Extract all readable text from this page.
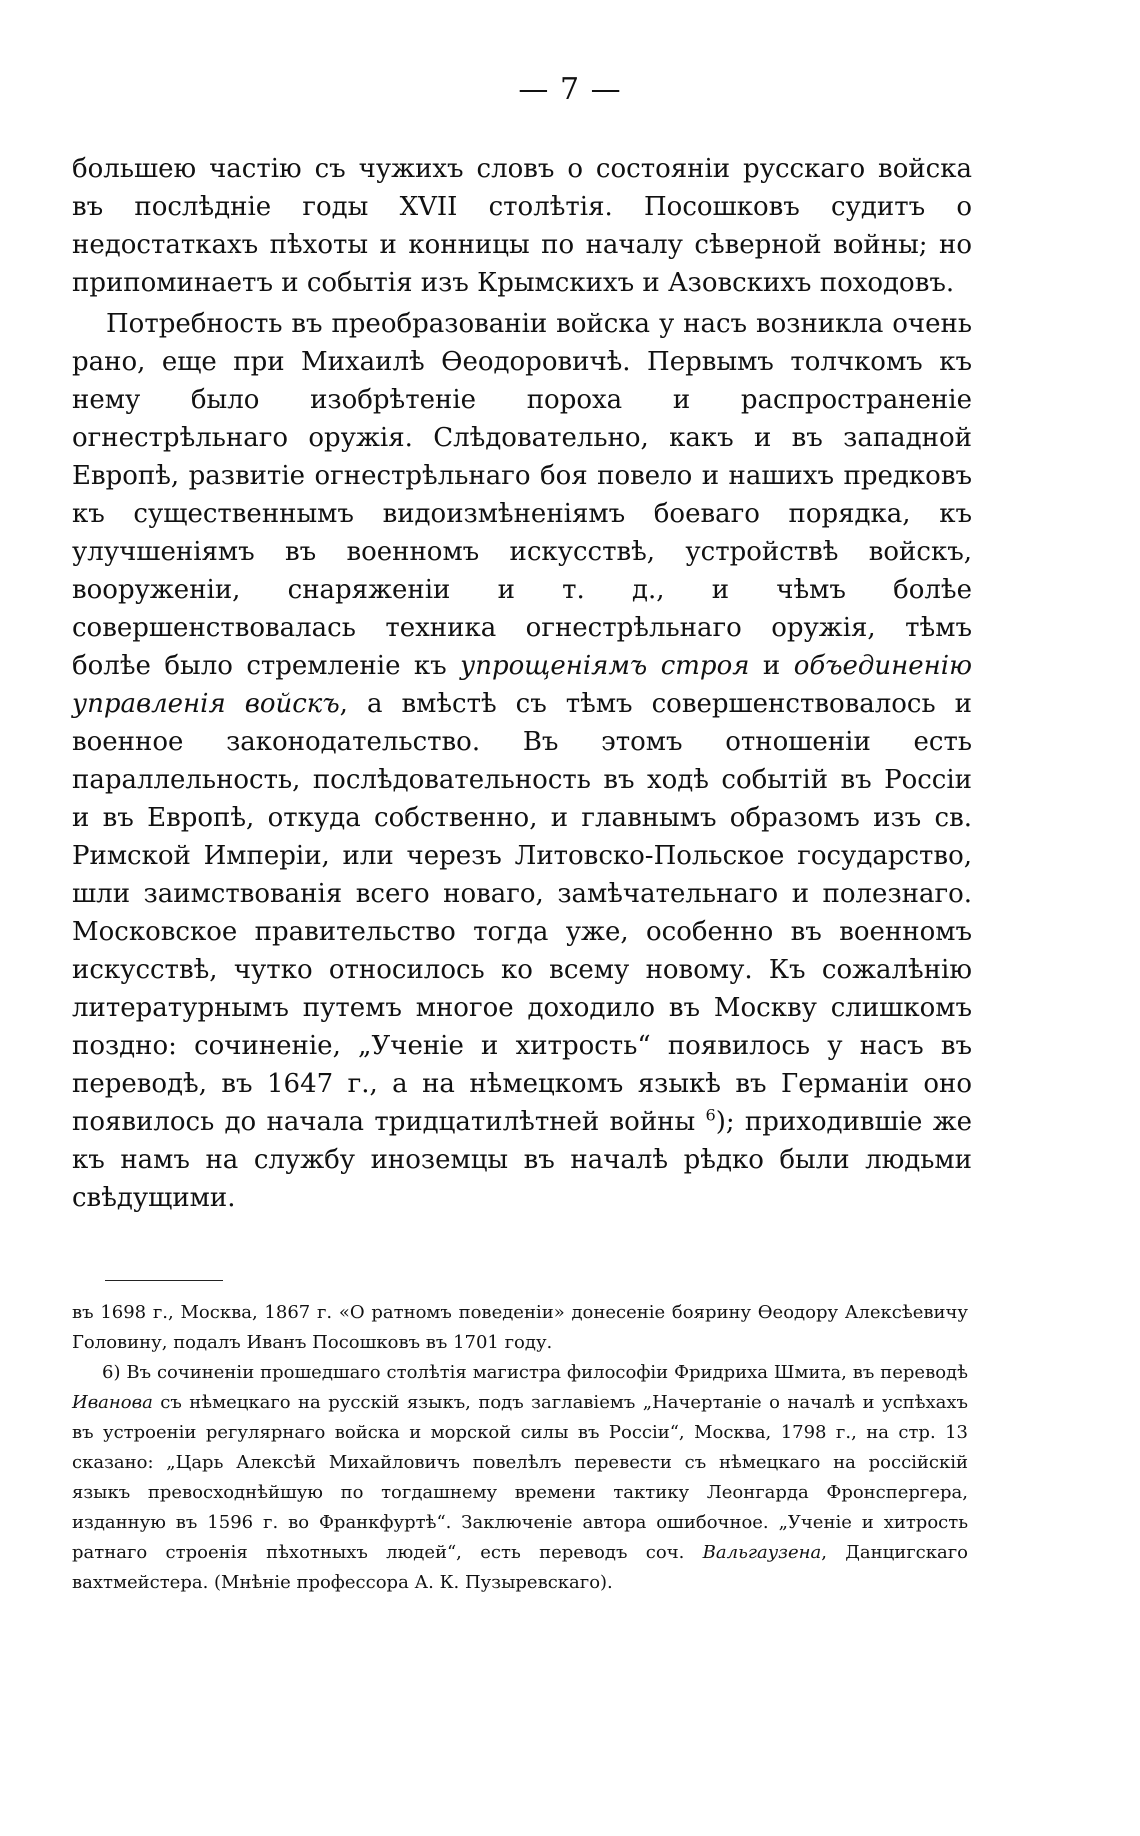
— 7 —

большею частію съ чужихъ словъ о состояніи русскаго войска въ послѣдніе годы XVII столѣтія. Посошковъ судитъ о недостаткахъ пѣхоты и конницы по началу сѣверной войны; но припоминаетъ и событія изъ Крымскихъ и Азовскихъ походовъ.

Потребность въ преобразованіи войска у насъ возникла очень рано, еще при Михаилѣ Ѳеодоровичѣ. Первымъ толчкомъ къ нему было изобрѣтеніе пороха и распространеніе огнестрѣльнаго оружія. Слѣдовательно, какъ и въ западной Европѣ, развитіе огнестрѣльнаго боя повело и нашихъ предковъ къ существеннымъ видоизмѣненіямъ боеваго порядка, къ улучшеніямъ въ военномъ искусствѣ, устройствѣ войскъ, вооруженіи, снаряженіи и т. д., и чѣмъ болѣе совершенствовалась техника огнестрѣльнаго оружія, тѣмъ болѣе было стремленіе къ упрощеніямъ строя и объединенію управленія войскъ, а вмѣстѣ съ тѣмъ совершенствовалось и военное законодательство. Въ этомъ отношеніи есть параллельность, послѣдовательность въ ходѣ событій въ Россіи и въ Европѣ, откуда собственно, и главнымъ образомъ изъ св. Римской Имперіи, или черезъ Литовско-Польское государство, шли заимствованія всего новаго, замѣчательнаго и полезнаго. Московское правительство тогда уже, особенно въ военномъ искусствѣ, чутко относилось ко всему новому. Къ сожалѣнію литературнымъ путемъ многое доходило въ Москву слишкомъ поздно: сочиненіе, „Ученіе и хитрость“ появилось у насъ въ переводѣ, въ 1647 г., а на нѣмецкомъ языкѣ въ Германіи оно появилось до начала тридцатилѣтней войны $^6$); приходившіе же къ намъ на службу иноземцы въ началѣ рѣдко были людьми свѣдущими.

въ 1698 г., Москва, 1867 г. «О ратномъ поведеніи» донесеніе боярину Ѳеодору Алексѣевичу Головину, подалъ Иванъ Посошковъ въ 1701 году.

6) Въ сочиненіи прошедшаго столѣтія магистра философіи Фридриха Шмита, въ переводѣ Иванова съ нѣмецкаго на русскій языкъ, подъ заглавіемъ „Начертаніе о началѣ и успѣхахъ въ устроеніи регулярнаго войска и морской силы въ Россіи“, Москва, 1798 г., на стр. 13 сказано: „Царь Алексѣй Михайловичъ повелѣлъ перевести съ нѣмецкаго на россійскій языкъ превосходнѣйшую по тогдашнему времени тактику Леонгарда Фронспергера, изданную въ 1596 г. во Франкфуртѣ“. Заключеніе автора ошибочное. „Ученіе и хитрость ратнаго строенія пѣхотныхъ людей“, есть переводъ соч. Вальгаузена, Данцигскаго вахтмейстера. (Мнѣніе профессора А. К. Пузыревскаго).
